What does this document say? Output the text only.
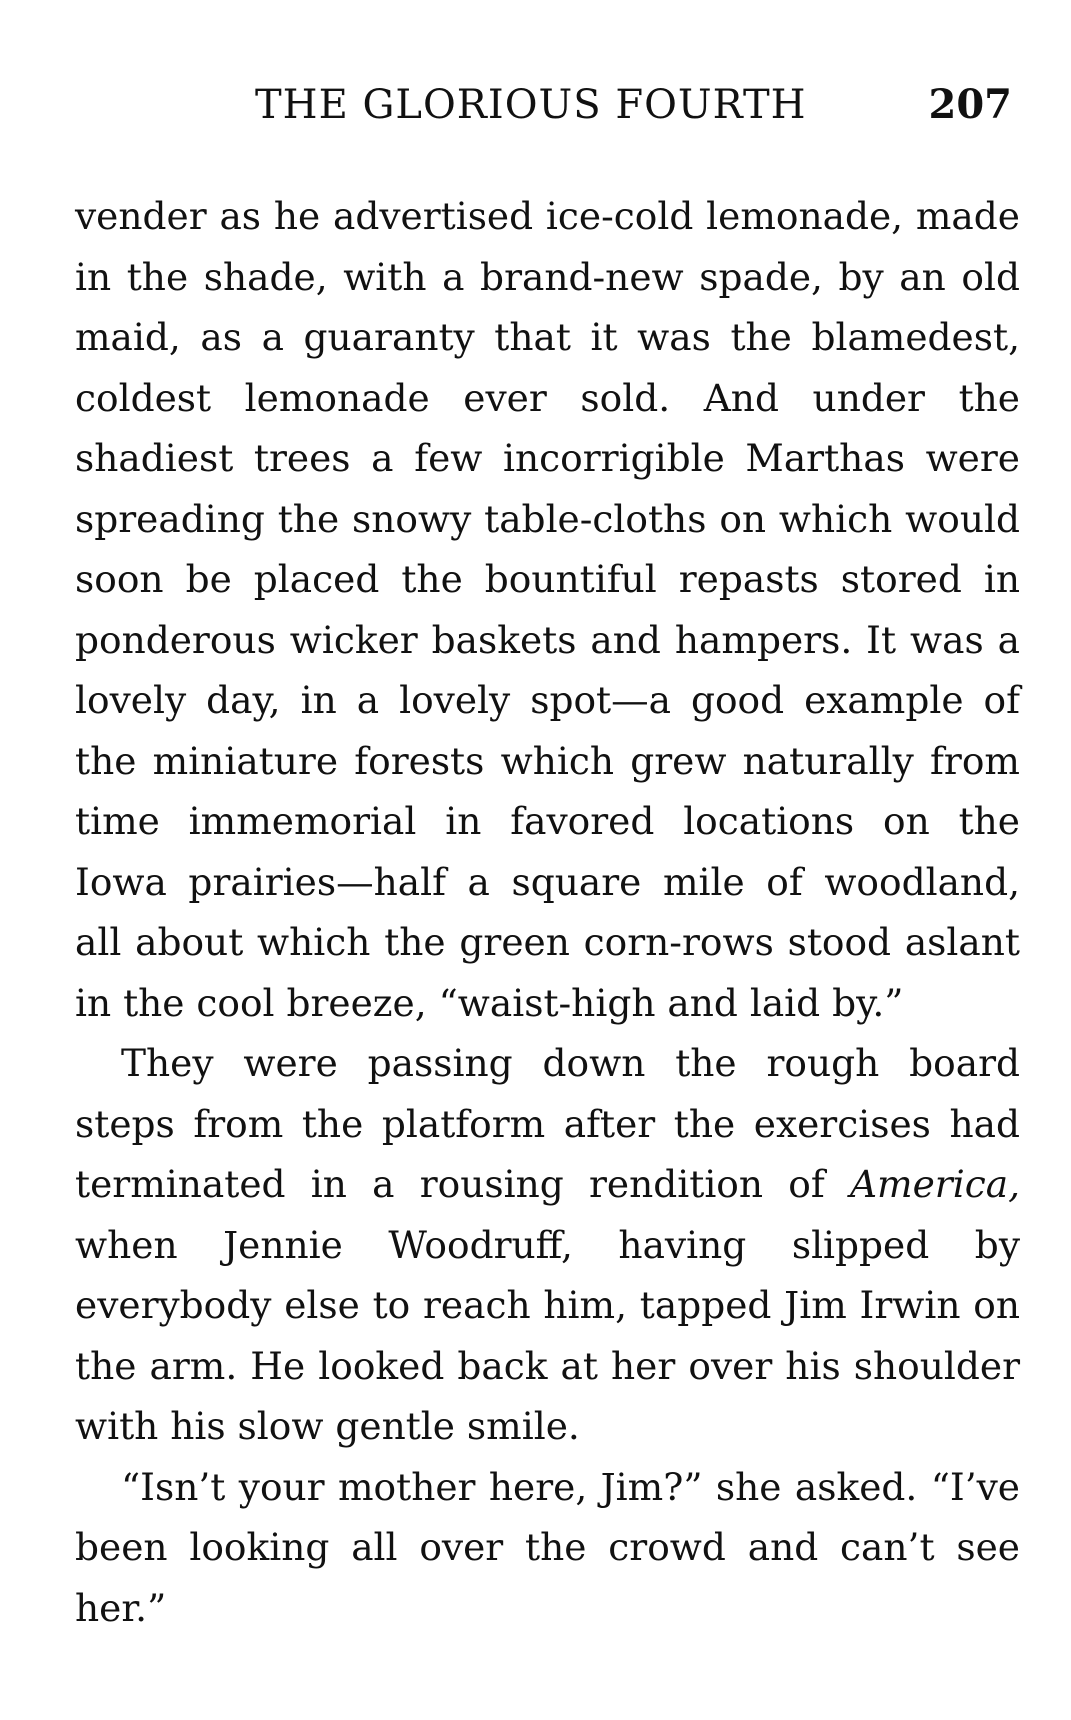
THE GLORIOUS FOURTH	207

vender as he advertised ice-cold lemonade, made in the shade, with a brand-new spade, by an old maid, as a guaranty that it was the blamedest, coldest lemonade ever sold. And under the shadiest trees a few incorrigible Marthas were spreading the snowy table-cloths on which would soon be placed the bountiful repasts stored in ponderous wicker baskets and hampers. It was a lovely day, in a lovely spot—a good example of the miniature forests which grew naturally from time immemorial in favored locations on the Iowa prairies—half a square mile of woodland, all about which the green corn-rows stood aslant in the cool breeze, “waist-high and laid by.”

They were passing down the rough board steps from the platform after the exercises had terminated in a rousing rendition of America, when Jennie Woodruff, having slipped by everybody else to reach him, tapped Jim Irwin on the arm. He looked back at her over his shoulder with his slow gentle smile.

“Isn’t your mother here, Jim?” she asked. “I’ve been looking all over the crowd and can’t see her.”
